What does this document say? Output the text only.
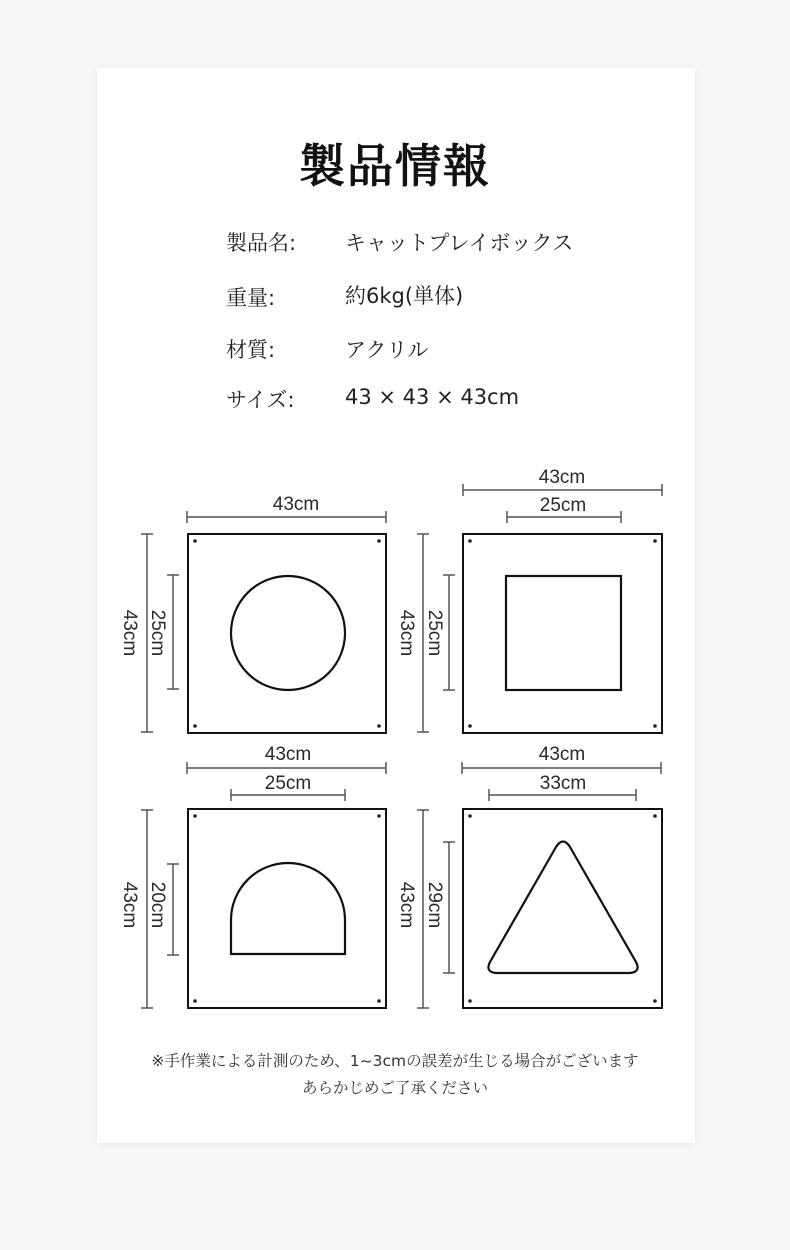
製品情報
製品名: キャットプレイボックス
重量:	約6kg(単体)
材質:	アクリル
サイズ: 43 × 43 × 43cm
43cm
43cm 25cm
43cm
25cm
43cm 25cm
43cm
25cm
43cm 20cm
43cm
33cm
43cm 29cm
※手作業による計測のため、1~3cmの誤差が生じる場合がございます
あらかじめご了承ください
